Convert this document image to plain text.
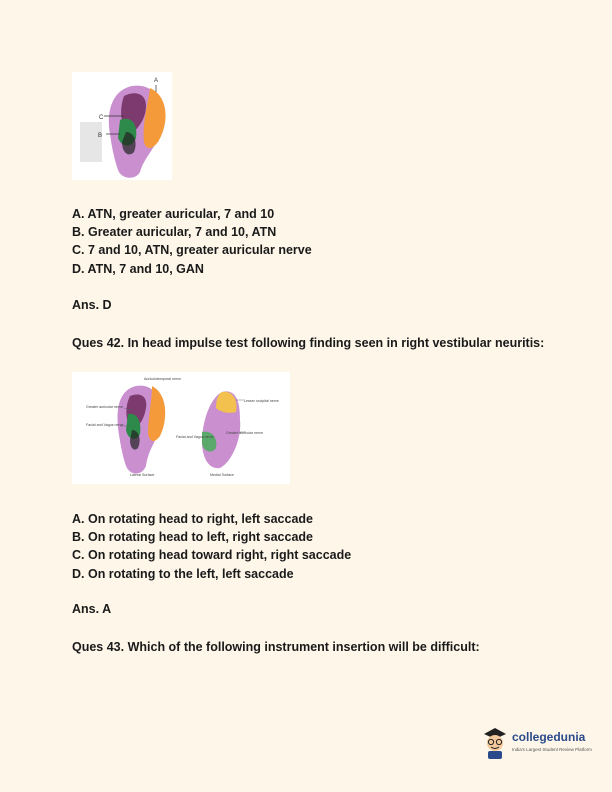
A
C
B
A. ATN, greater auricular, 7 and 10
B. Greater auricular, 7 and 10, ATN
C. 7 and 10, ATN, greater auricular nerve
D. ATN, 7 and 10, GAN
Ans. D
Ques 42. In head impulse test following finding seen in right vestibular neuritis:
Auriculotemporal nerve
Greater auricular nerve
Facial and Vagus nerve
Lesser occipital nerve
Greater auricular nerve
Facial and Vagus nerve
Lateral Surface	Medial Surface
A. On rotating head to right, left saccade
B. On rotating head to left, right saccade
C. On rotating head toward right, right saccade
D. On rotating to the left, left saccade
Ans. A
Ques 43. Which of the following instrument insertion will be difficult:
collegedunia
India's Largest Student Review Platform
